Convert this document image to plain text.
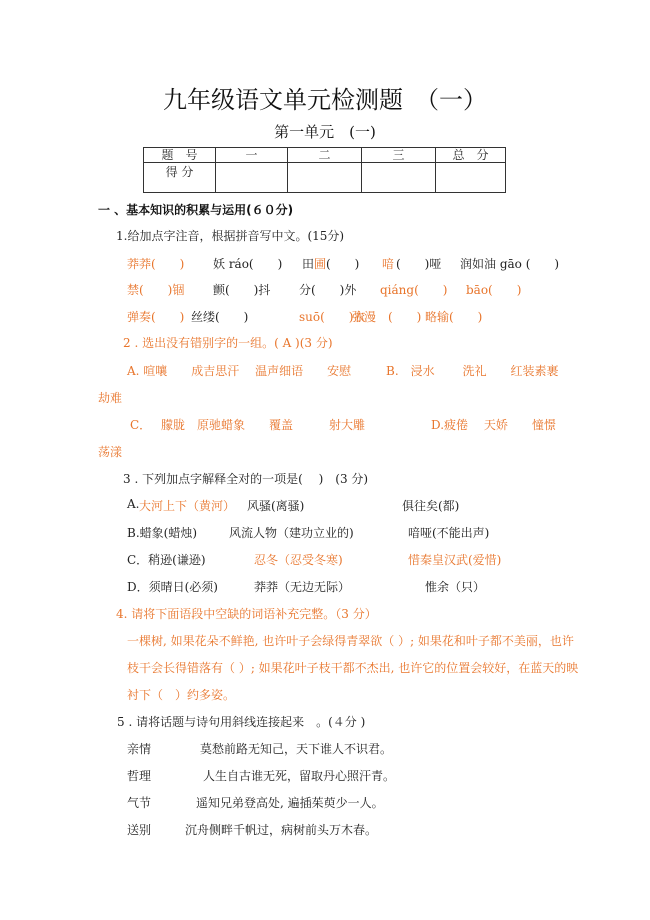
九年级语文单元检测题　（一）
第一单元　(一)
题　号	一	二	三	总　分
得 分				
一 、基本知识的积累与运用(６０分)
1.给加点字注音，根据拼音写中文。(15分)
莽莽(　　) 妖 ráo(　　) 田 圃 (　　) 喑 (　　)哑 润如油 gāo (　　)
禁(　　)锢 颤(　　)抖 分(　　)外 qiáng(　　) bāo(　　)
弹奏(　　) 丝缕(　　)	suō(　　)衣
弥漫　(　　) 略输(　　)
2 . 选出没有错别字的一组。( A )(3 分)
A. 喧嚷　　成吉思汗　 温声细语　　安慰	B.　浸水　　 洗礼　　红装素裹
劫难
C．　 朦胧　原驰蜡象　　覆盖　　　射大雕	D.疲倦　 天娇　　憧憬
荡漾
3 . 下列加点字解释全对的一项是(　 )　(3 分)
A. 大河上下（黄河） 风骚(离骚)	俱往矣(都)
B.蜡象(蜡烛)	风流人物（建功立业的)	喑哑(不能出声)
C．稍逊(谦逊)	忍冬（忍受冬寒)	惜秦皇汉武(爱惜)
D．须晴日(必须)	莽莽（无边无际）	惟余（只）
4. 请将下面语段中空缺的词语补充完整。（3 分）
一棵树, 如果花朵不鲜艳, 也许叶子会绿得青翠欲（ ）; 如果花和叶子都不美丽，也许
枝干会长得错落有（ ）; 如果花叶子枝干都不杰出, 也许它的位置会较好，在蓝天的映
衬下（　）约多姿。
5 . 请将话题与诗句用斜线连接起来　。(４分 )
亲情	莫愁前路无知己，天下谁人不识君。
哲理	人生自古谁无死，留取丹心照汗青。
气节	遥知兄弟登高处, 遍插茱萸少一人。
送别	沉舟侧畔千帆过，病树前头万木春。
